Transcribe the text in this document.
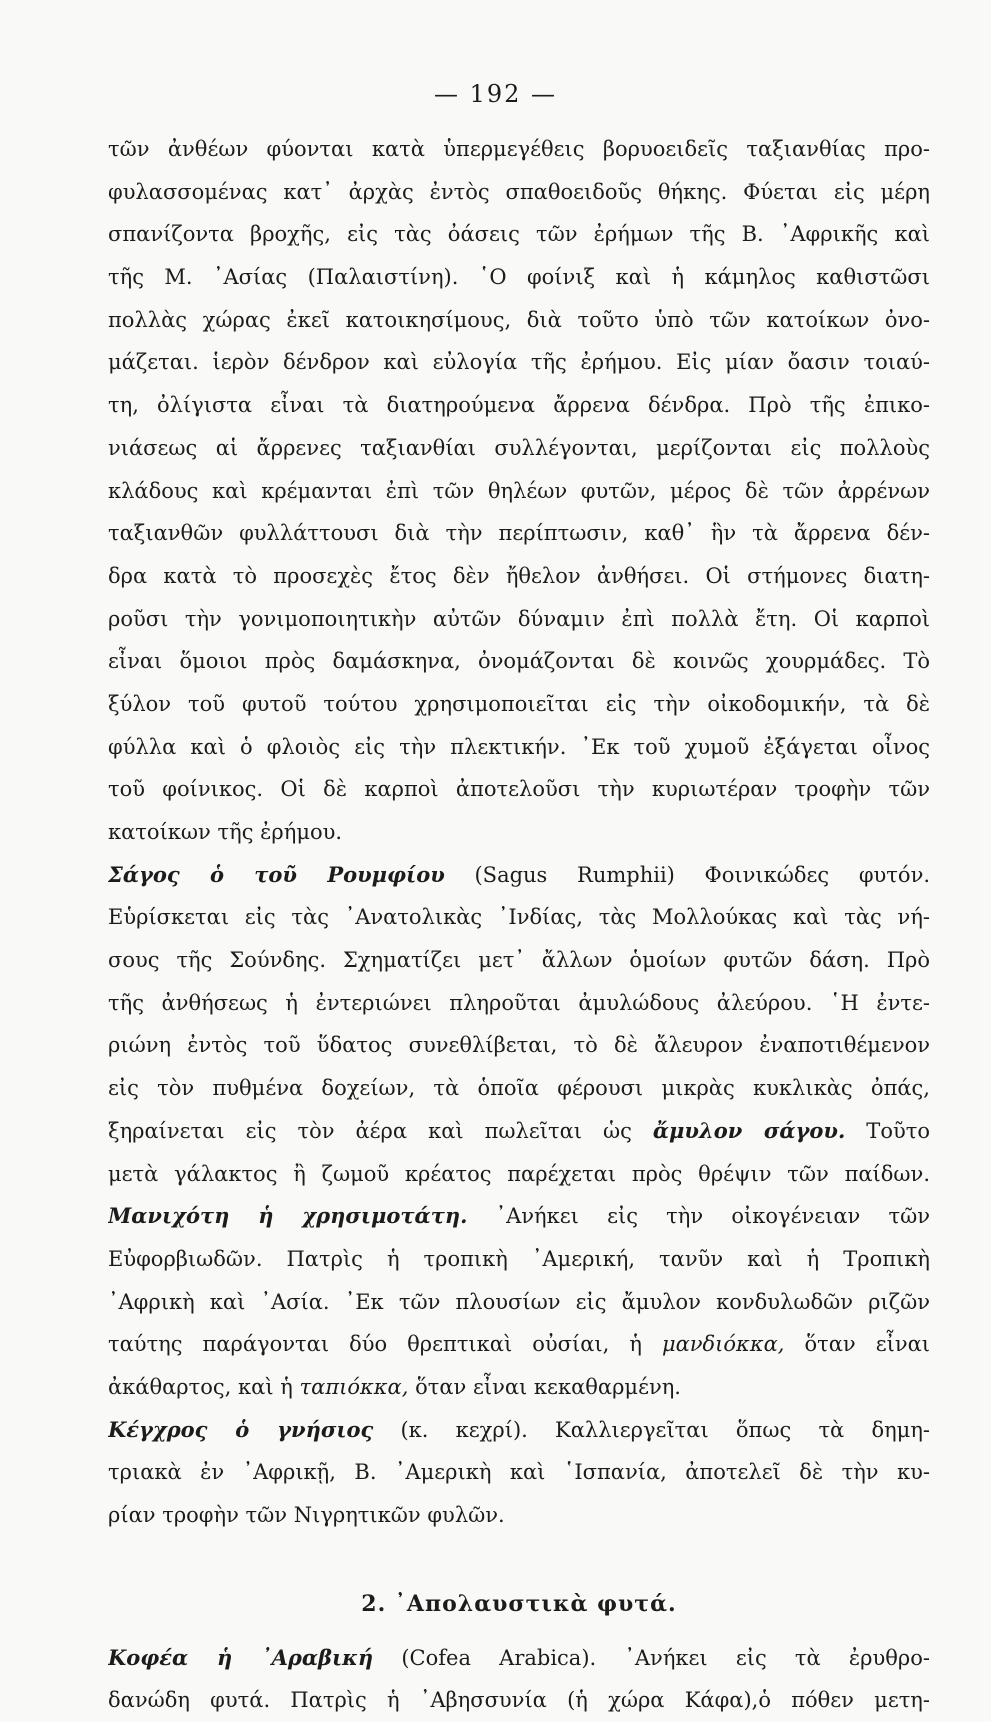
— 192 —
τῶν ἀνθέων φύονται κατὰ ὑπερμεγέθεις βορυοειδεῖς ταξιανθίας προ-
φυλασσομένας κατ᾽ ἀρχὰς ἐντὸς σπαθοειδοῦς θήκης. Φύεται εἰς μέρη
σπανίζοντα βροχῆς, εἰς τὰς ὀάσεις τῶν ἐρήμων τῆς Β. ᾽Αφρικῆς καὶ
τῆς Μ. ᾽Ασίας (Παλαιστίνη). ῾Ο φοίνιξ καὶ ἡ κάμηλος καθιστῶσι
πολλὰς χώρας ἐκεῖ κατοικησίμους, διὰ τοῦτο ὑπὸ τῶν κατοίκων ὀνο-
μάζεται. ἱερὸν δένδρον καὶ εὐλογία τῆς ἐρήμου. Εἰς μίαν ὄασιν τοιαύ-
τη, ὀλίγιστα εἶναι τὰ διατηρούμενα ἄρρενα δένδρα. Πρὸ τῆς ἐπικο-
νιάσεως αἱ ἄρρενες ταξιανθίαι συλλέγονται, μερίζονται εἰς πολλοὺς
κλάδους καὶ κρέμανται ἐπὶ τῶν θηλέων φυτῶν, μέρος δὲ τῶν ἀρρένων
ταξιανθῶν φυλλάττουσι διὰ τὴν περίπτωσιν, καθ᾽ ἣν τὰ ἄρρενα δέν-
δρα κατὰ τὸ προσεχὲς ἔτος δὲν ἤθελον ἀνθήσει. Οἱ στήμονες διατη-
ροῦσι τὴν γονιμοποιητικὴν αὐτῶν δύναμιν ἐπὶ πολλὰ ἔτη. Οἱ καρποὶ
εἶναι ὅμοιοι πρὸς δαμάσκηνα, ὀνομάζονται δὲ κοινῶς χουρμάδες. Τὸ
ξύλον τοῦ φυτοῦ τούτου χρησιμοποιεῖται εἰς τὴν οἰκοδομικήν, τὰ δὲ
φύλλα καὶ ὁ φλοιὸς εἰς τὴν πλεκτικήν. ᾽Εκ τοῦ χυμοῦ ἐξάγεται οἶνος
τοῦ φοίνικος. Οἱ δὲ καρποὶ ἀποτελοῦσι τὴν κυριωτέραν τροφὴν τῶν
κατοίκων τῆς ἐρήμου.
Σάγος ὁ τοῦ Ρουμφίου (Sagus Rumphii) Φοινικώδες φυτόν.
Εὑρίσκεται εἰς τὰς ᾽Ανατολικὰς ᾽Ινδίας, τὰς Μολλούκας καὶ τὰς νή-
σους τῆς Σούνδης. Σχηματίζει μετ᾽ ἄλλων ὁμοίων φυτῶν δάση. Πρὸ
τῆς ἀνθήσεως ἡ ἐντεριώνει πληροῦται ἀμυλώδους ἀλεύρου. ῾Η ἐντε-
ριώνη ἐντὸς τοῦ ὕδατος συνεθλίβεται, τὸ δὲ ἄλευρον ἐναποτιθέμενον
εἰς τὸν πυθμένα δοχείων, τὰ ὁποῖα φέρουσι μικρὰς κυκλικὰς ὀπάς,
ξηραίνεται εἰς τὸν ἀέρα καὶ πωλεῖται ὡς ἄμυλον σάγου. Τοῦτο
μετὰ γάλακτος ἢ ζωμοῦ κρέατος παρέχεται πρὸς θρέψιν τῶν παίδων.
Μανιχότη ἡ χρησιμοτάτη. ᾽Ανήκει εἰς τὴν οἰκογένειαν τῶν
Εὐφορβιωδῶν. Πατρὶς ἡ τροπικὴ ᾽Αμερική, τανῦν καὶ ἡ Τροπικὴ
᾽Αφρικὴ καὶ ᾽Ασία. ᾽Εκ τῶν πλουσίων εἰς ἄμυλον κονδυλωδῶν ριζῶν
ταύτης παράγονται δύο θρεπτικαὶ οὐσίαι, ἡ μανδιόκκα, ὅταν εἶναι
ἀκάθαρτος, καὶ ἡ ταπιόκκα, ὅταν εἶναι κεκαθαρμένη.
Κέγχρος ὁ γνήσιος (κ. κεχρί). Καλλιεργεῖται ὅπως τὰ δημη-
τριακὰ ἐν ᾽Αφρικῇ, Β. ᾽Αμερικὴ καὶ ῾Ισπανία, ἀποτελεῖ δὲ τὴν κυ-
ρίαν τροφὴν τῶν Νιγρητικῶν φυλῶν.
2. ᾽Απολαυστικὰ φυτά.
Κοφέα ἡ ᾽Αραβική (Cofea Arabica). ᾽Ανήκει εἰς τὰ ἐρυθρο-
δανώδη φυτά. Πατρὶς ἡ ᾽Αβησσυνία (ἡ χώρα Κάφα),ὁ πόθεν μετη-
